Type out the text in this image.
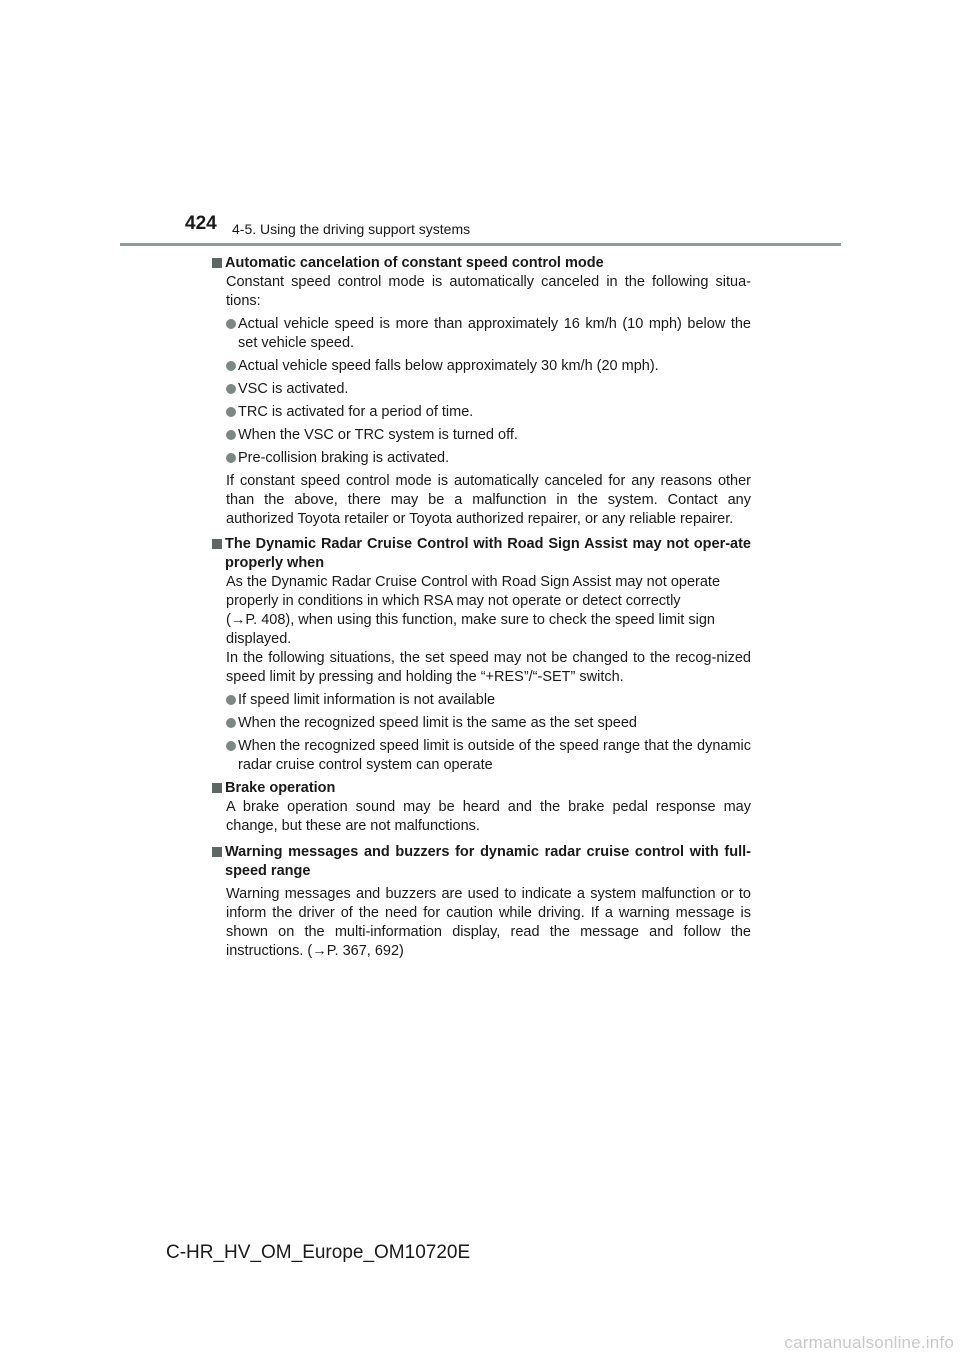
424 4-5. Using the driving support systems
Automatic cancelation of constant speed control mode
Constant speed control mode is automatically canceled in the following situa-tions:
Actual vehicle speed is more than approximately 16 km/h (10 mph) below the set vehicle speed.
Actual vehicle speed falls below approximately 30 km/h (20 mph).
VSC is activated.
TRC is activated for a period of time.
When the VSC or TRC system is turned off.
Pre-collision braking is activated.
If constant speed control mode is automatically canceled for any reasons other than the above, there may be a malfunction in the system. Contact any authorized Toyota retailer or Toyota authorized repairer, or any reliable repairer.
The Dynamic Radar Cruise Control with Road Sign Assist may not oper-ate properly when
As the Dynamic Radar Cruise Control with Road Sign Assist may not operate
properly in conditions in which RSA may not operate or detect correctly
(→P. 408), when using this function, make sure to check the speed limit sign
displayed.
In the following situations, the set speed may not be changed to the recog-nized speed limit by pressing and holding the “+RES”/“-SET” switch.
If speed limit information is not available
When the recognized speed limit is the same as the set speed
When the recognized speed limit is outside of the speed range that the dynamic radar cruise control system can operate
Brake operation
A brake operation sound may be heard and the brake pedal response may change, but these are not malfunctions.
Warning messages and buzzers for dynamic radar cruise control with full-speed range
Warning messages and buzzers are used to indicate a system malfunction or to inform the driver of the need for caution while driving. If a warning message is shown on the multi-information display, read the message and follow the instructions. (→P. 367, 692)
C-HR_HV_OM_Europe_OM10720E
carmanualsonline.info
